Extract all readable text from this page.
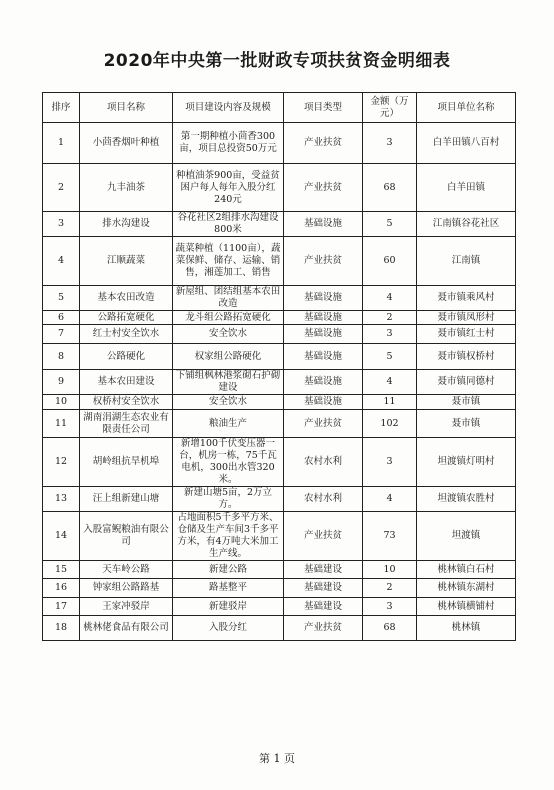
2020年中央第一批财政专项扶贫资金明细表
排序	项目名称	项目建设内容及规模	项目类型	金额（万元）	项目单位名称
1	小茴香烟叶种植	第一期种植小茴香300亩，项目总投资50万元	产业扶贫	3	白羊田镇八百村
2	九丰油茶	种植油茶900亩，受益贫困户每人每年入股分红240元	产业扶贫	68	白羊田镇
3	排水沟建设	谷花社区2组排水沟建设800米	基础设施	5	江南镇谷花社区
4	江顺蔬菜	蔬菜种植（1100亩），蔬菜保鲜、储存、运输、销售，湘莲加工、销售	产业扶贫	60	江南镇
5	基本农田改造	新屋组、团结组基本农田改造	基础设施	4	聂市镇乘风村
6	公路拓宽硬化	龙斗组公路拓宽硬化	基础设施	2	聂市镇凤形村
7	红士村安全饮水	安全饮水	基础设施	3	聂市镇红士村
8	公路硬化	权家组公路硬化	基础设施	5	聂市镇权桥村
9	基本农田建设	下铺组枫林港浆砌石护砌建设	基础设施	4	聂市镇同德村
10	权桥村安全饮水	安全饮水	基础设施	11	聂市镇
11	湖南涓湖生态农业有限责任公司	粮油生产	产业扶贫	102	聂市镇
12	胡岭组抗旱机埠	新增100千伏变压器一台，机房一栋，75千瓦电机，300出水管320米。	农村水利	3	坦渡镇灯明村
13	汪上组新建山塘	新建山塘5亩，2万立方。	农村水利	4	坦渡镇农胜村
14	入股富鲵粮油有限公司	占地面积5千多平方米、仓储及生产车间3千多平方米，有4万吨大米加工生产线。	产业扶贫	73	坦渡镇
15	天车岭公路	新建公路	基础建设	10	桃林镇白石村
16	钟家组公路路基	路基整平	基础建设	2	桃林镇东湖村
17	王家冲驳岸	新建驳岸	基础建设	3	桃林镇横铺村
18	桃林佬食品有限公司	入股分红	产业扶贫	68	桃林镇
第 1 页
